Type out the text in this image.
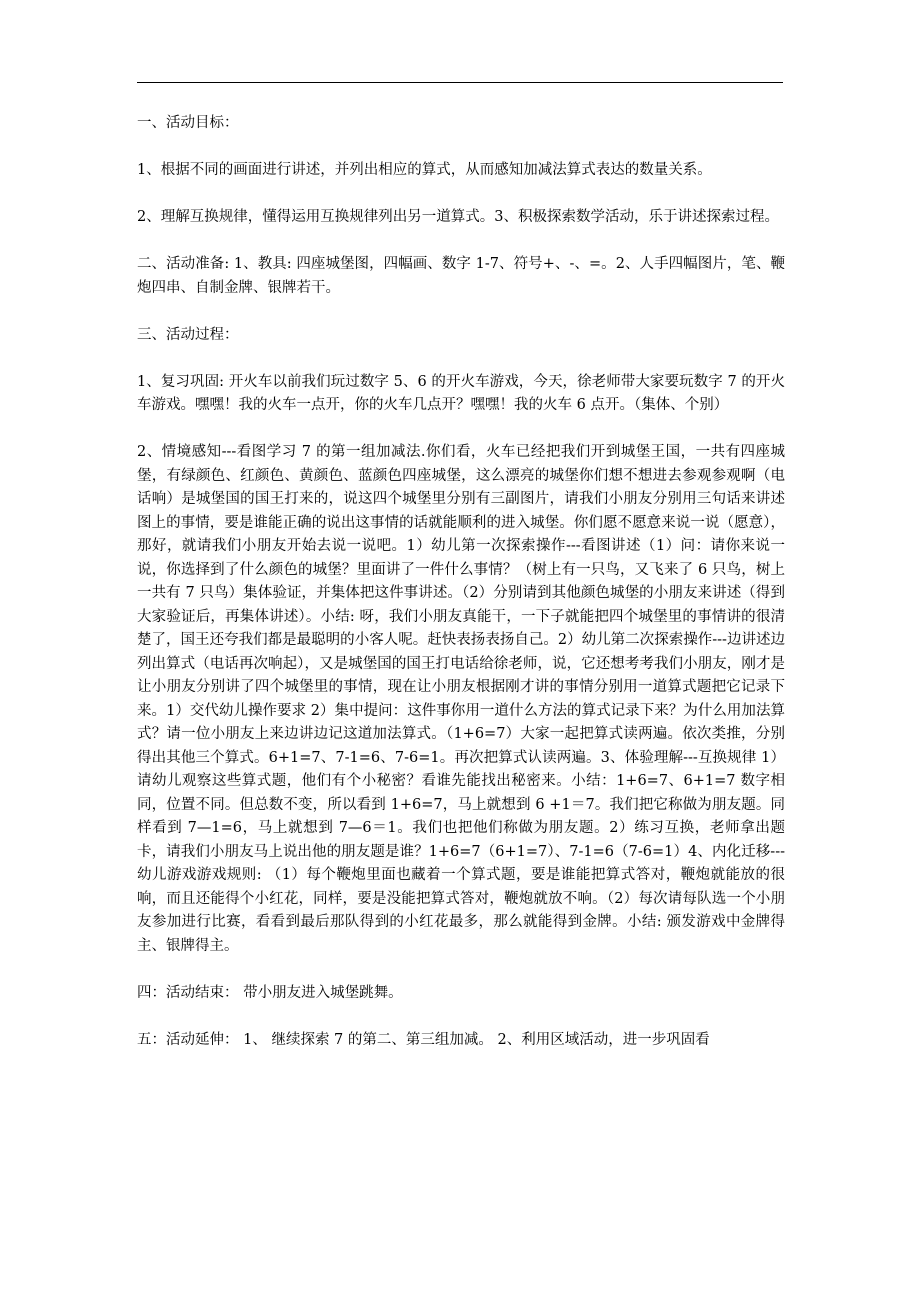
一、活动目标：

1、根据不同的画面进行讲述，并列出相应的算式，从而感知加减法算式表达的数量关系。

2、理解互换规律，懂得运用互换规律列出另一道算式。3、积极探索数学活动，乐于讲述探索过程。

二、活动准备: 1、教具: 四座城堡图，四幅画、数字 1-7、符号+、-、=。2、人手四幅图片，笔、鞭炮四串、自制金牌、银牌若干。

三、活动过程：

1、复习巩固: 开火车以前我们玩过数字 5、6 的开火车游戏，今天，徐老师带大家要玩数字 7 的开火车游戏。嘿嘿！我的火车一点开，你的火车几点开？嘿嘿！我的火车 6 点开。（集体、个别）

2、情境感知---看图学习 7 的第一组加减法.你们看，火车已经把我们开到城堡王国，一共有四座城堡，有绿颜色、红颜色、黄颜色、蓝颜色四座城堡，这么漂亮的城堡你们想不想进去参观参观啊（电话响）是城堡国的国王打来的，说这四个城堡里分别有三副图片，请我们小朋友分别用三句话来讲述图上的事情，要是谁能正确的说出这事情的话就能顺利的进入城堡。你们愿不愿意来说一说（愿意），那好，就请我们小朋友开始去说一说吧。1）幼儿第一次探索操作---看图讲述（1）问：请你来说一说，你选择到了什么颜色的城堡？里面讲了一件什么事情？（树上有一只鸟，又飞来了 6 只鸟，树上一共有 7 只鸟）集体验证，并集体把这件事讲述。（2）分别请到其他颜色城堡的小朋友来讲述（得到大家验证后，再集体讲述）。小结: 呀，我们小朋友真能干，一下子就能把四个城堡里的事情讲的很清楚了，国王还夸我们都是最聪明的小客人呢。赶快表扬表扬自己。2）幼儿第二次探索操作---边讲述边列出算式（电话再次响起），又是城堡国的国王打电话给徐老师，说，它还想考考我们小朋友，刚才是让小朋友分别讲了四个城堡里的事情，现在让小朋友根据刚才讲的事情分别用一道算式题把它记录下来。1）交代幼儿操作要求 2）集中提问：这件事你用一道什么方法的算式记录下来？为什么用加法算式？请一位小朋友上来边讲边记这道加法算式。（1+6=7）大家一起把算式读两遍。依次类推，分别得出其他三个算式。6+1=7、7-1=6、7-6=1。再次把算式认读两遍。3、体验理解---互换规律 1）请幼儿观察这些算式题，他们有个小秘密？看谁先能找出秘密来。小结：1+6=7、6+1=7 数字相同，位置不同。但总数不变，所以看到 1+6=7，马上就想到 6 +1＝7。我们把它称做为朋友题。同样看到 7—1=6，马上就想到 7—6＝1。我们也把他们称做为朋友题。2）练习互换，老师拿出题卡，请我们小朋友马上说出他的朋友题是谁？1+6=7（6+1=7）、7-1=6（7-6=1）4、内化迁移---幼儿游戏游戏规则: （1）每个鞭炮里面也藏着一个算式题，要是谁能把算式答对，鞭炮就能放的很响，而且还能得个小红花，同样，要是没能把算式答对，鞭炮就放不响。（2）每次请每队选一个小朋友参加进行比赛，看看到最后那队得到的小红花最多，那么就能得到金牌。小结: 颁发游戏中金牌得主、银牌得主。

四：活动结束： 带小朋友进入城堡跳舞。

五：活动延伸： 1、 继续探索 7 的第二、第三组加减。 2、利用区域活动，进一步巩固看
